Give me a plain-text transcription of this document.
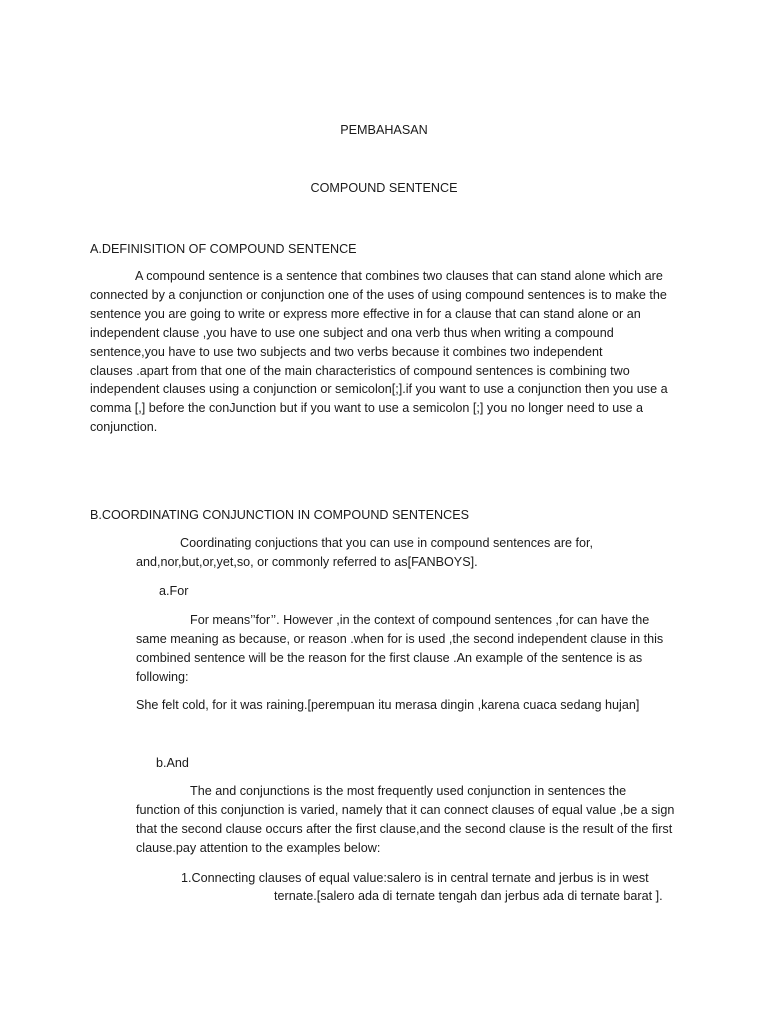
PEMBAHASAN
COMPOUND SENTENCE
A.DEFINISITION OF COMPOUND SENTENCE
A compound sentence is a sentence that combines two clauses that can stand alone which are
connected by a conjunction or conjunction one of the uses of using compound sentences is to make the
sentence you are going to write or express more effective in for a clause that can stand alone or an
independent clause ,you have to use one subject and ona verb thus when writing a compound
sentence,you have to use two subjects and two verbs because it combines two independent
clauses .apart from that one of the main characteristics of compound sentences is combining two
independent clauses using a conjunction or semicolon[;].if you want to use a conjunction then you use a
comma [,] before the conJunction but if you want to use a semicolon [;] you no longer need to use a
conjunction.
B.COORDINATING CONJUNCTION IN COMPOUND SENTENCES
Coordinating conjuctions that you can use in compound sentences are for,
and,nor,but,or,yet,so, or commonly referred to as[FANBOYS].
a.For
For means’’for’’. However ,in the context of compound sentences ,for can have the
same meaning as because, or reason .when for is used ,the second independent clause in this
combined sentence will be the reason for the first clause .An example of the sentence is as
following:
She felt cold, for it was raining.[perempuan itu merasa dingin ,karena cuaca sedang hujan]
b.And
The and conjunctions is the most frequently used conjunction in sentences the
function of this conjunction is varied, namely that it can connect clauses of equal value ,be a sign
that the second clause occurs after the first clause,and the second clause is the result of the first
clause.pay attention to the examples below:
1.Connecting clauses of equal value:salero is in central ternate and jerbus is in west
ternate.[salero ada di ternate tengah dan jerbus ada di ternate barat ].
